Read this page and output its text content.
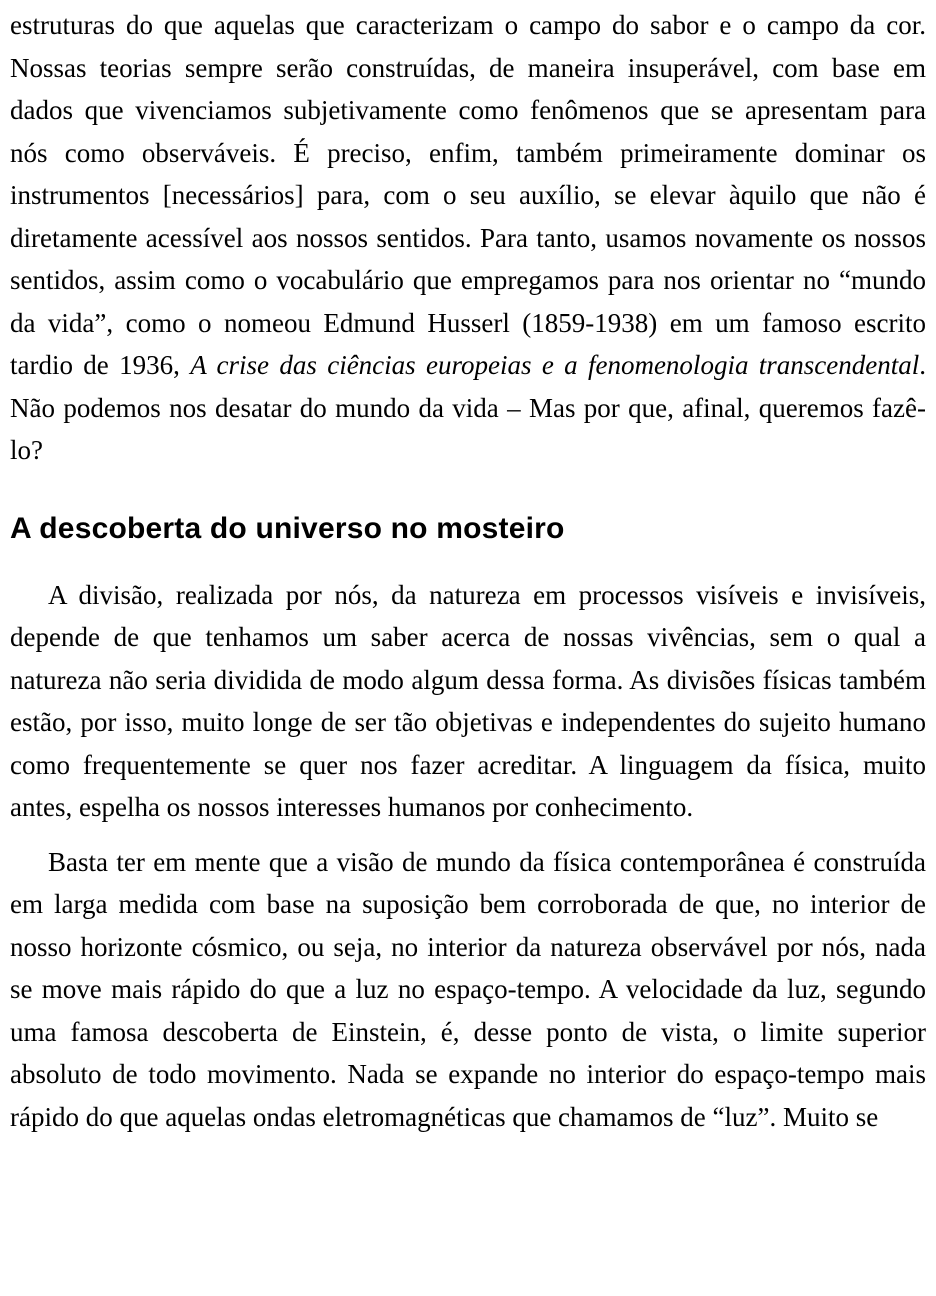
estruturas do que aquelas que caracterizam o campo do sabor e o campo da cor. Nossas teorias sempre serão construídas, de maneira insuperável, com base em dados que vivenciamos subjetivamente como fenômenos que se apresentam para nós como observáveis. É preciso, enfim, também primeiramente dominar os instrumentos [necessários] para, com o seu auxílio, se elevar àquilo que não é diretamente acessível aos nossos sentidos. Para tanto, usamos novamente os nossos sentidos, assim como o vocabulário que empregamos para nos orientar no “mundo da vida”, como o nomeou Edmund Husserl (1859-1938) em um famoso escrito tardio de 1936, A crise das ciências europeias e a fenomenologia transcendental. Não podemos nos desatar do mundo da vida – Mas por que, afinal, queremos fazê-lo?

A descoberta do universo no mosteiro

A divisão, realizada por nós, da natureza em processos visíveis e invisíveis, depende de que tenhamos um saber acerca de nossas vivências, sem o qual a natureza não seria dividida de modo algum dessa forma. As divisões físicas também estão, por isso, muito longe de ser tão objetivas e independentes do sujeito humano como frequentemente se quer nos fazer acreditar. A linguagem da física, muito antes, espelha os nossos interesses humanos por conhecimento.

Basta ter em mente que a visão de mundo da física contemporânea é construída em larga medida com base na suposição bem corroborada de que, no interior de nosso horizonte cósmico, ou seja, no interior da natureza observável por nós, nada se move mais rápido do que a luz no espaço-tempo. A velocidade da luz, segundo uma famosa descoberta de Einstein, é, desse ponto de vista, o limite superior absoluto de todo movimento. Nada se expande no interior do espaço-tempo mais rápido do que aquelas ondas eletromagnéticas que chamamos de “luz”. Muito se
